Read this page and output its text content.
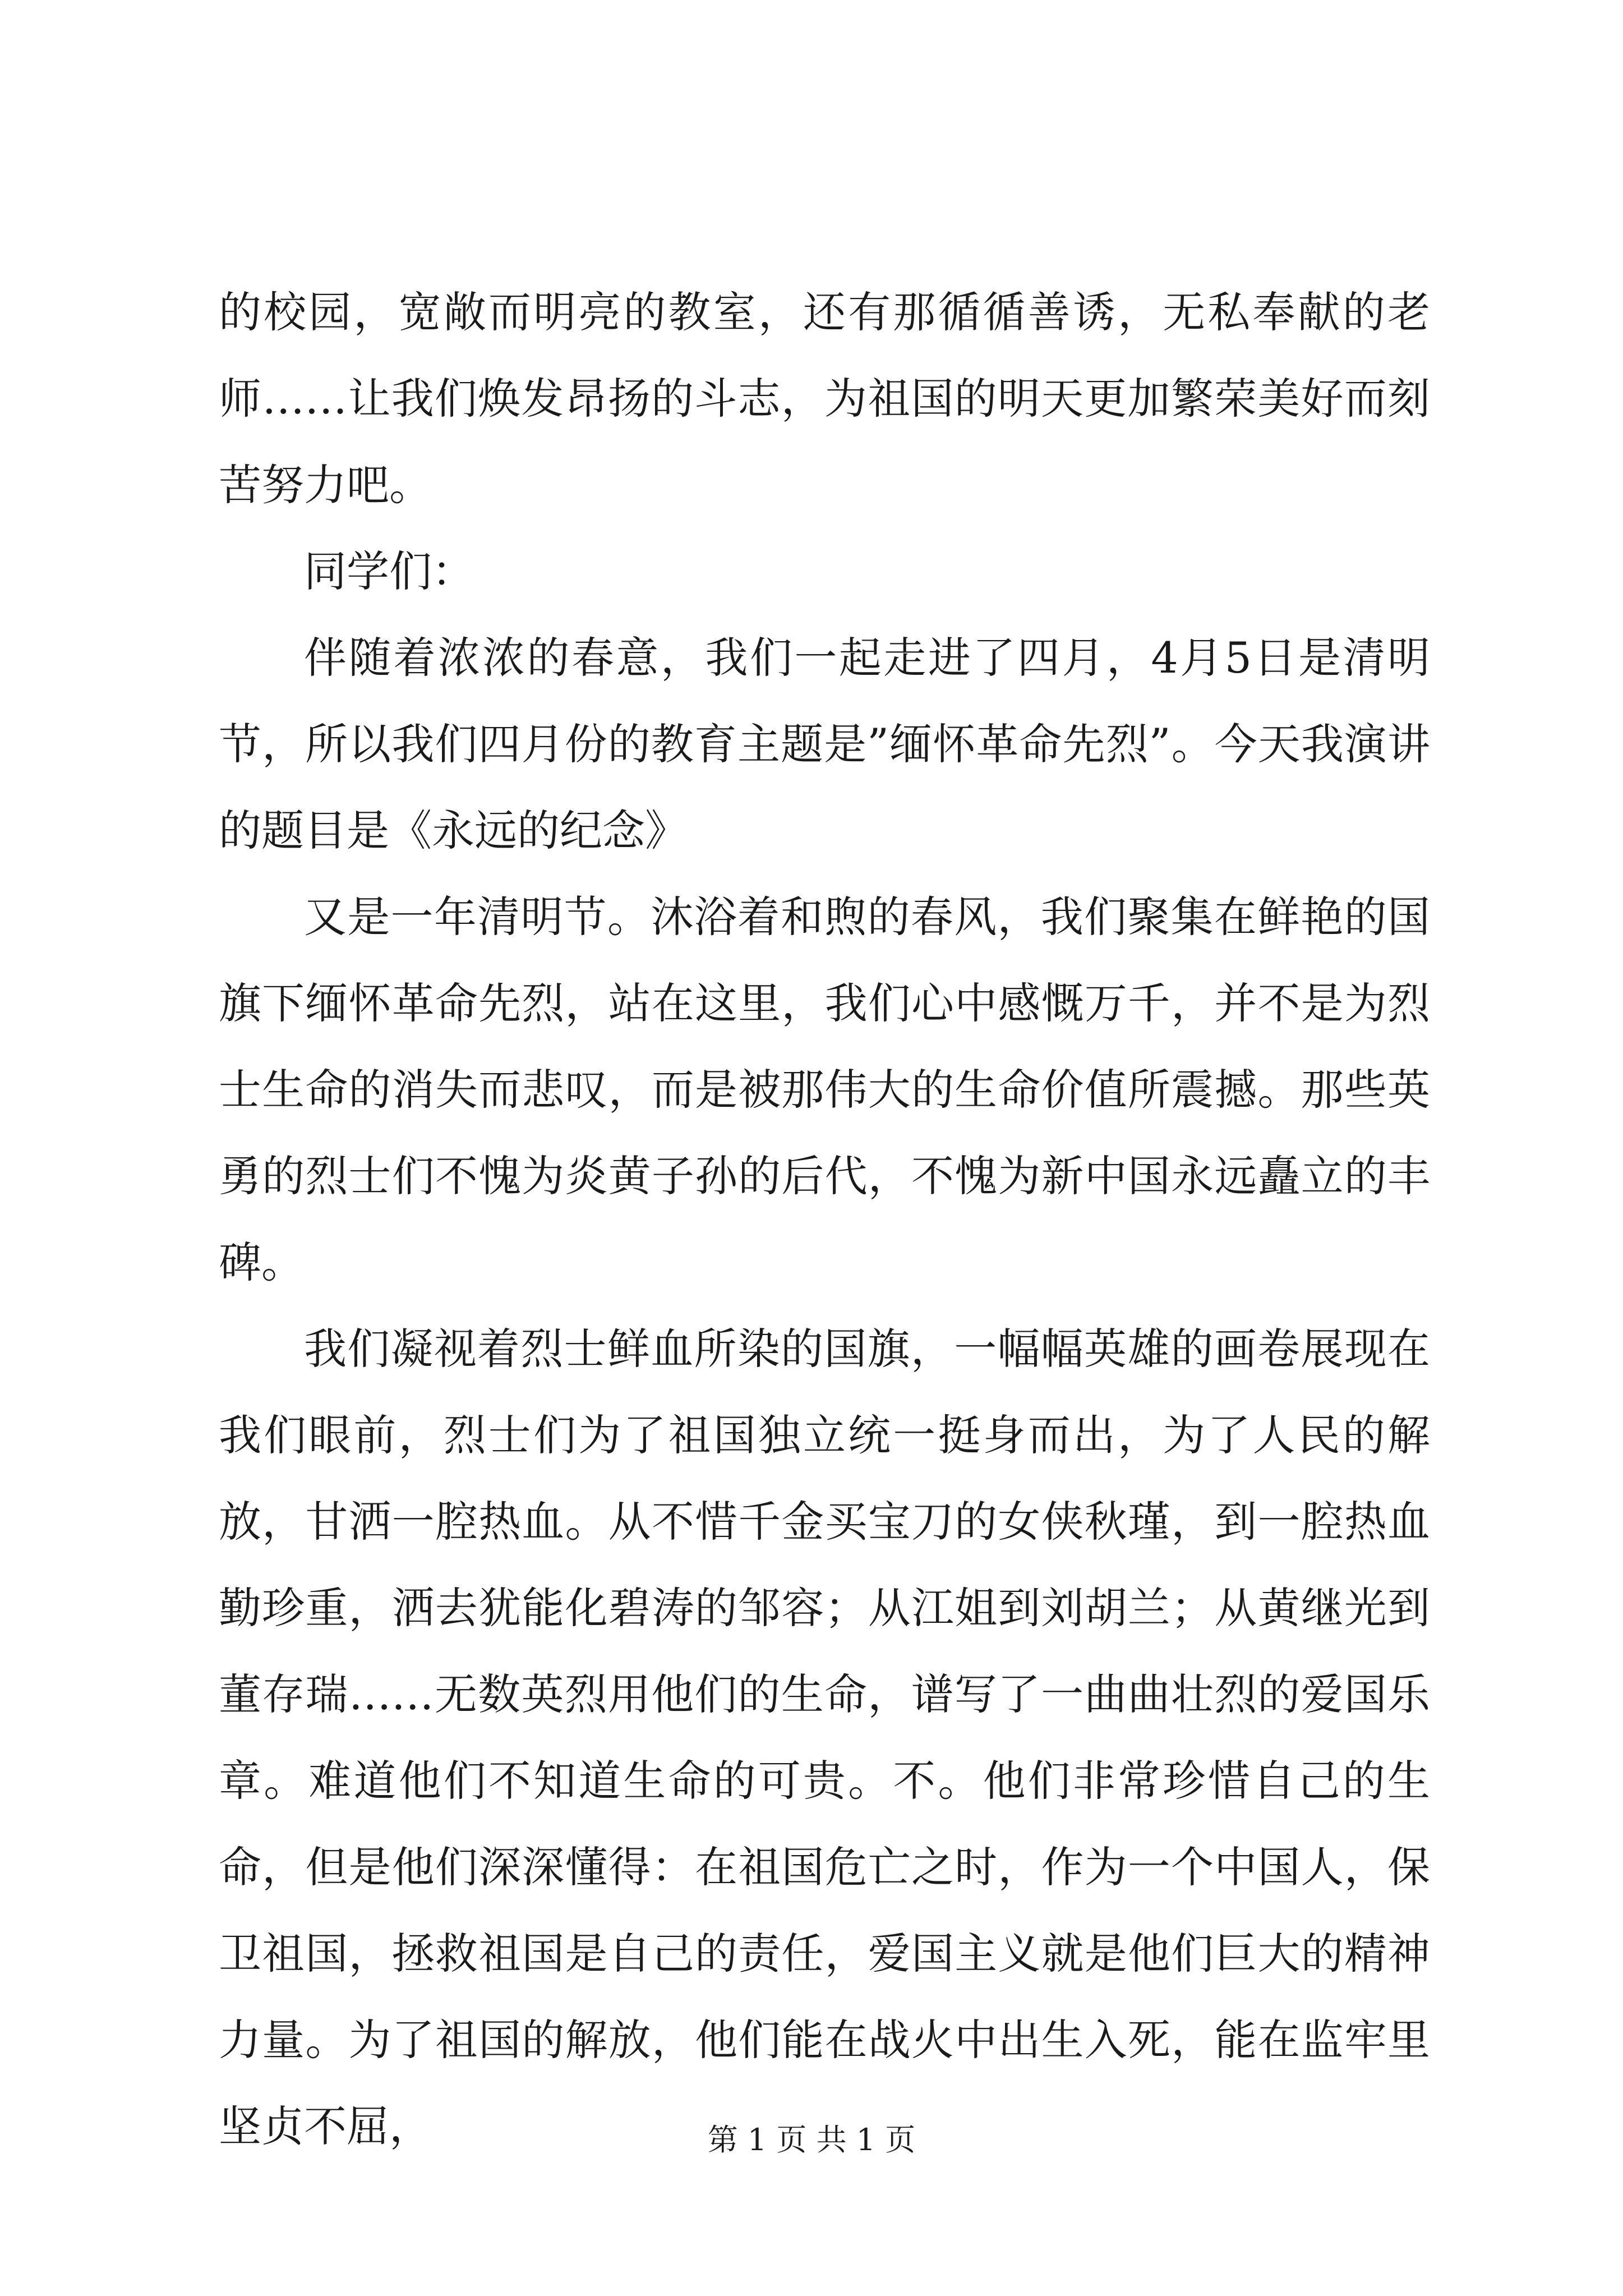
的校园，宽敞而明亮的教室，还有那循循善诱，无私奉献的老师……让我们焕发昂扬的斗志，为祖国的明天更加繁荣美好而刻苦努力吧。

同学们：

伴随着浓浓的春意，我们一起走进了四月，4月5日是清明节，所以我们四月份的教育主题是”缅怀革命先烈”。今天我演讲的题目是《永远的纪念》

又是一年清明节。沐浴着和煦的春风，我们聚集在鲜艳的国旗下缅怀革命先烈，站在这里，我们心中感慨万千，并不是为烈士生命的消失而悲叹，而是被那伟大的生命价值所震撼。那些英勇的烈士们不愧为炎黄子孙的后代，不愧为新中国永远矗立的丰碑。

我们凝视着烈士鲜血所染的国旗，一幅幅英雄的画卷展现在我们眼前，烈士们为了祖国独立统一挺身而出，为了人民的解放，甘洒一腔热血。从不惜千金买宝刀的女侠秋瑾，到一腔热血勤珍重，洒去犹能化碧涛的邹容；从江姐到刘胡兰；从黄继光到董存瑞……无数英烈用他们的生命，谱写了一曲曲壮烈的爱国乐章。难道他们不知道生命的可贵。不。他们非常珍惜自己的生命，但是他们深深懂得：在祖国危亡之时，作为一个中国人，保卫祖国，拯救祖国是自己的责任，爱国主义就是他们巨大的精神力量。为了祖国的解放，他们能在战火中出生入死，能在监牢里坚贞不屈，	第 1 页 共 1 页
